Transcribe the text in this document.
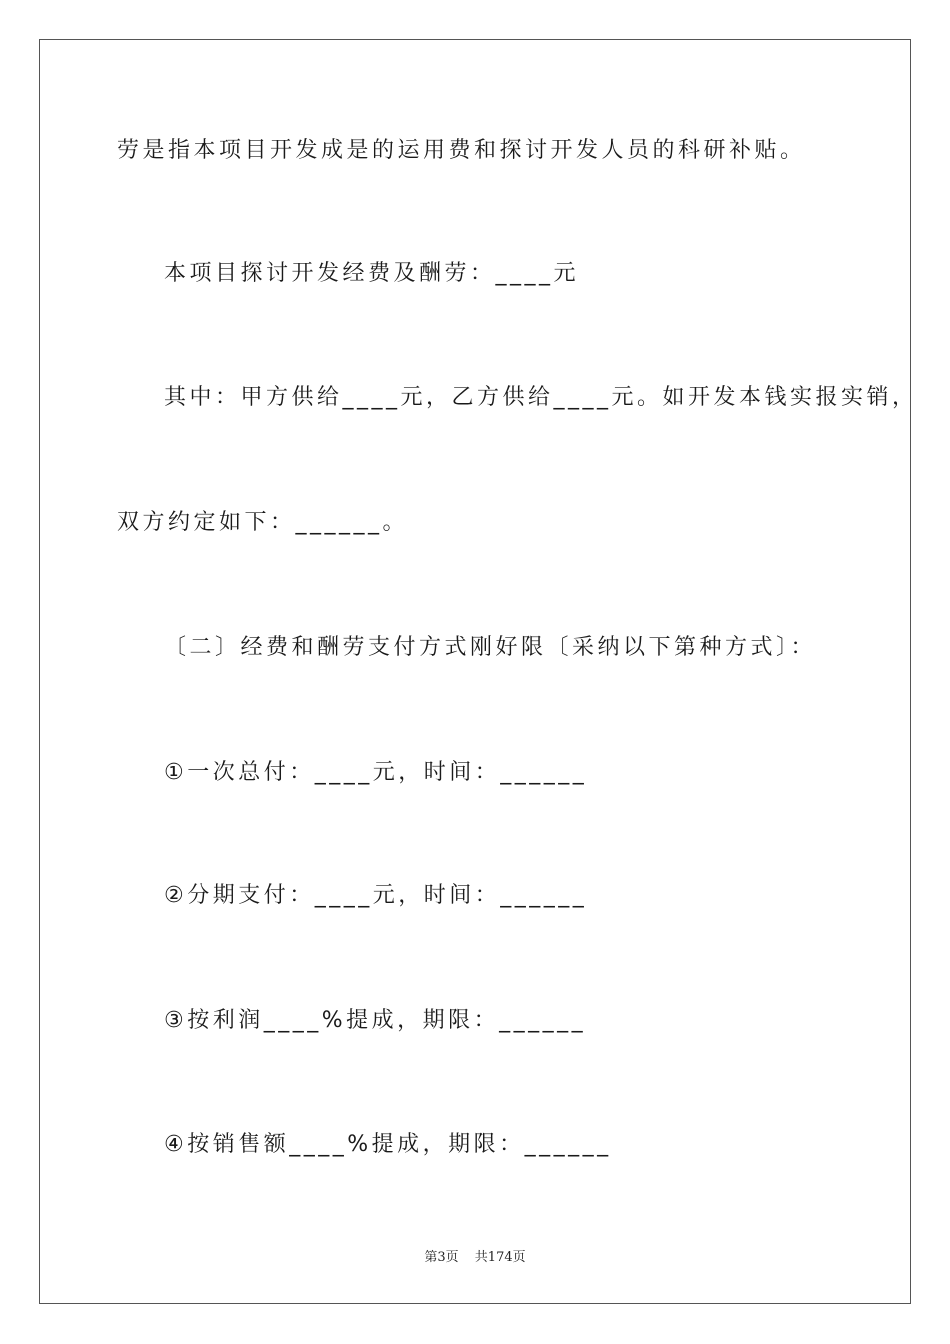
劳是指本项目开发成是的运用费和探讨开发人员的科研补贴。
本项目探讨开发经费及酬劳：____元
其中：甲方供给____元，乙方供给____元。如开发本钱实报实销，
双方约定如下：______。
〔二〕经费和酬劳支付方式刚好限〔采纳以下第种方式〕：
①一次总付：____元，时间：______
②分期支付：____元，时间：______
③按利润____%提成，期限：______
④按销售额____%提成，期限：______
第3页 共174页
